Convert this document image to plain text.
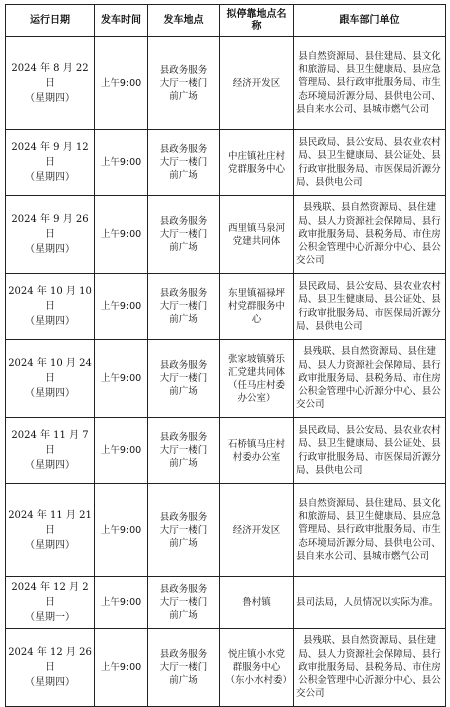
运行日期	发车时间	发车地点	拟停靠地点名称	跟车部门单位

2024 年 8 月 22 日
（星期四）	上午9:00	县政务服务大厅一楼门前广场	经济开发区	县自然资源局、县住建局、县文化和旅游局、县卫生健康局、县应急管理局、县行政审批服务局、市生态环境局沂源分局、县供电公司、县自来水公司、县城市燃气公司

2024 年 9 月 12 日
（星期四）	上午9:00	县政务服务大厅一楼门前广场	中庄镇社庄村党群服务中心	县民政局、县公安局、县农业农村局、县卫生健康局、县公证处、县行政审批服务局、市医保局沂源分局、县供电公司

2024 年 9 月 26 日
（星期四）	上午9:00	县政务服务大厅一楼门前广场	西里镇马泉河党建共同体	县残联、县自然资源局、县住建局、县人力资源社会保障局、县行政审批服务局、县税务局、市住房公积金管理中心沂源分中心、县公交公司

2024 年 10 月 10 日
（星期四）	上午9:00	县政务服务大厅一楼门前广场	东里镇福禄坪村党群服务中心	县民政局、县公安局、县农业农村局、县卫生健康局、县公证处、县行政审批服务局、市医保局沂源分局、县供电公司

2024 年 10 月 24 日
（星期四）	上午9:00	县政务服务大厅一楼门前广场	张家坡镇骑乐汇党建共同体（任马庄村委办公室）	县残联、县自然资源局、县住建局、县人力资源社会保障局、县行政审批服务局、县税务局、市住房公积金管理中心沂源分中心、县公交公司

2024 年 11 月 7 日
（星期四）	上午9:00	县政务服务大厅一楼门前广场	石桥镇马庄村村委办公室	县民政局、县公安局、县农业农村局、县卫生健康局、县公证处、县行政审批服务局、市医保局沂源分局、县供电公司

2024 年 11 月 21 日
（星期四）	上午9:00	县政务服务大厅一楼门前广场	经济开发区	县自然资源局、县住建局、县文化和旅游局、县卫生健康局、县应急管理局、县行政审批服务局、市生态环境局沂源分局、县供电公司、县自来水公司、县城市燃气公司

2024 年 12 月 2 日
（星期一）	上午9:00	县政务服务大厅一楼门前广场	鲁村镇	县司法局，人员情况以实际为准。

2024 年 12 月 26 日
（星期四）	上午9:00	县政务服务大厅一楼门前广场	悦庄镇小水党群服务中心（东小水村委）	县残联、县自然资源局、县住建局、县人力资源社会保障局、县行政审批服务局、县税务局、市住房公积金管理中心沂源分中心、县公交公司
